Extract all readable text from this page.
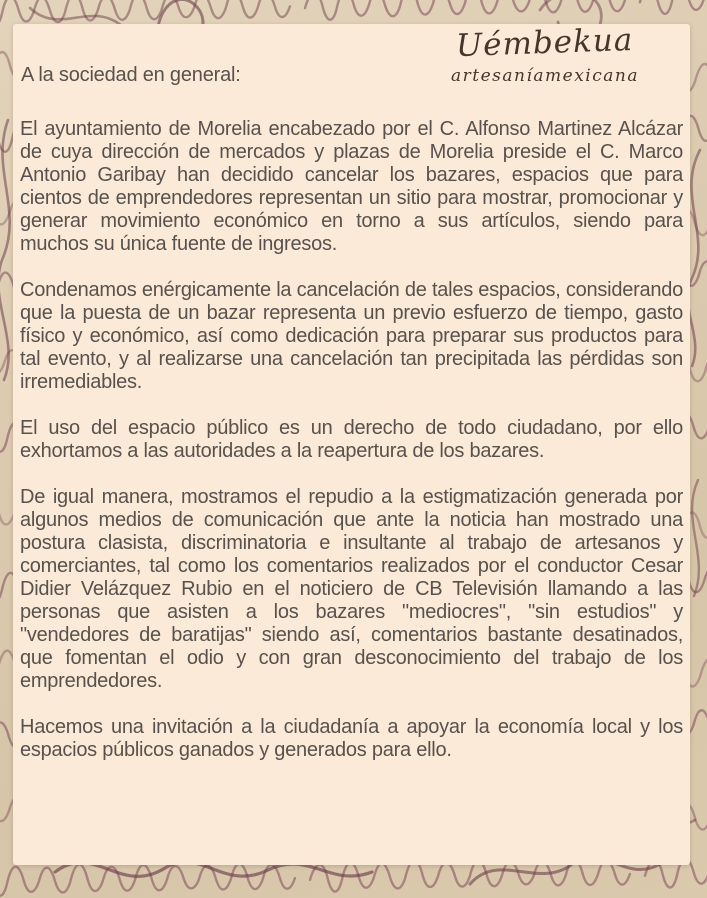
A la sociedad en general:
Uémbekua
artesaníamexicana

El ayuntamiento de Morelia encabezado por el C. Alfonso Martinez Alcázar de cuya dirección de mercados y plazas de Morelia preside el C. Marco Antonio Garibay han decidido cancelar los bazares, espacios que para cientos de emprendedores representan un sitio para mostrar, promocionar y generar movimiento económico en torno a sus artículos, siendo para muchos su única fuente de ingresos.

Condenamos enérgicamente la cancelación de tales espacios, considerando que la puesta de un bazar representa un previo esfuerzo de tiempo, gasto físico y económico, así como dedicación para preparar sus productos para tal evento, y al realizarse una cancelación tan precipitada las pérdidas son irremediables.

El uso del espacio público es un derecho de todo ciudadano, por ello exhortamos a las autoridades a la reapertura de los bazares.

De igual manera, mostramos el repudio a la estigmatización generada por algunos medios de comunicación que ante la noticia han mostrado una postura clasista, discriminatoria e insultante al trabajo de artesanos y comerciantes, tal como los comentarios realizados por el conductor Cesar Didier Velázquez Rubio en el noticiero de CB Televisión llamando a las personas que asisten a los bazares "mediocres", "sin estudios" y "vendedores de baratijas" siendo así, comentarios bastante desatinados, que fomentan el odio y con gran desconocimiento del trabajo de los emprendedores.

Hacemos una invitación a la ciudadanía a apoyar la economía local y los espacios públicos ganados y generados para ello.
